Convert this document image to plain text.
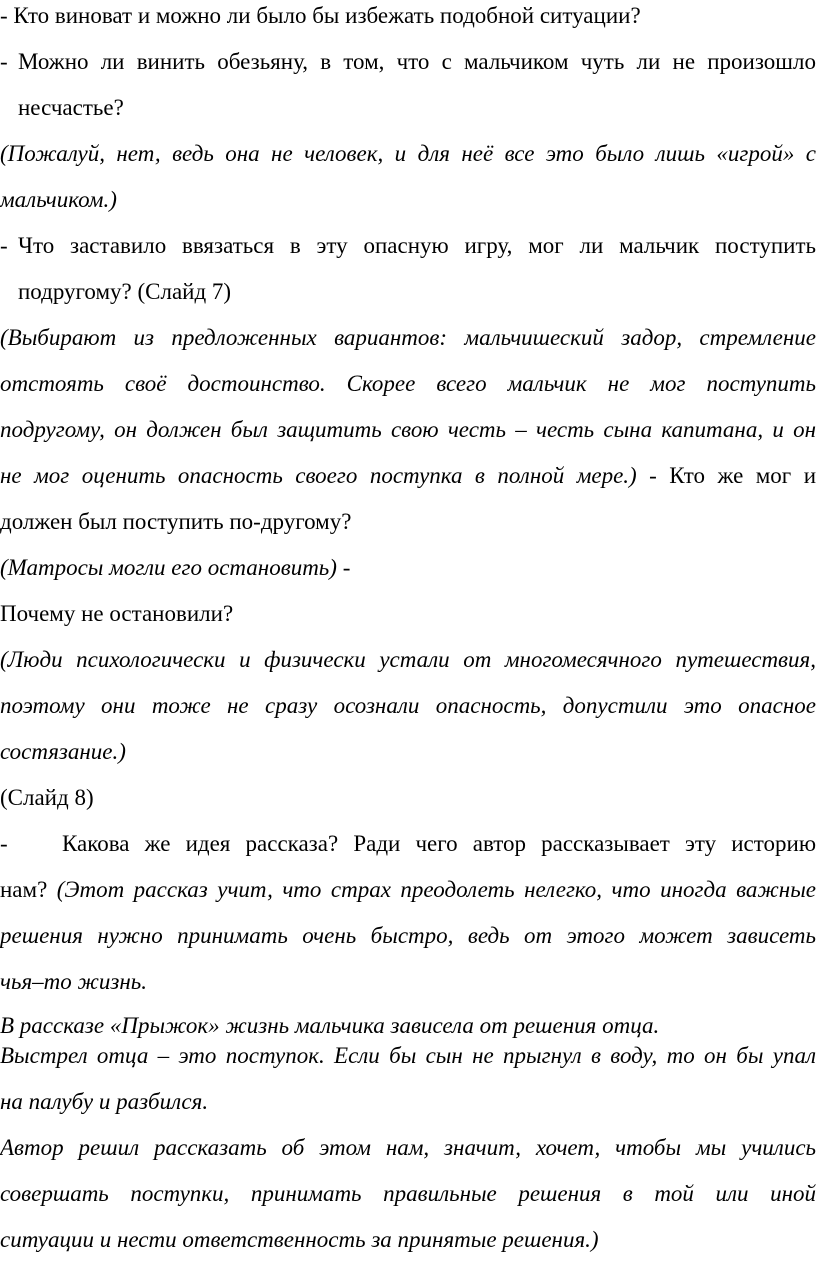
- Кто виноват и можно ли было бы избежать подобной ситуации?
- Можно ли винить обезьяну, в том, что с мальчиком чуть ли не произошло
несчастье?
(Пожалуй, нет, ведь она не человек, и для неё все это было лишь «игрой» с
мальчиком.)
- Что заставило ввязаться в эту опасную игру, мог ли мальчик поступить
подругому? (Слайд 7)
(Выбирают из предложенных вариантов: мальчишеский задор, стремление
отстоять своё достоинство. Скорее всего мальчик не мог поступить
подругому, он должен был защитить свою честь – честь сына капитана, и он
не мог оценить опасность своего поступка в полной мере.) - Кто же мог и
должен был поступить по-другому?
(Матросы могли его остановить) -
Почему не остановили?
(Люди психологически и физически устали от многомесячного путешествия,
поэтому они тоже не сразу осознали опасность, допустили это опасное
состязание.)
(Слайд 8)
- Какова же идея рассказа? Ради чего автор рассказывает эту историю
нам? (Этот рассказ учит, что страх преодолеть нелегко, что иногда важные
решения нужно принимать очень быстро, ведь от этого может зависеть
чья–то жизнь.
В рассказе «Прыжок» жизнь мальчика зависела от решения отца.
Выстрел отца – это поступок. Если бы сын не прыгнул в воду, то он бы упал
на палубу и разбился.
Автор решил рассказать об этом нам, значит, хочет, чтобы мы учились
совершать поступки, принимать правильные решения в той или иной
ситуации и нести ответственность за принятые решения.)
